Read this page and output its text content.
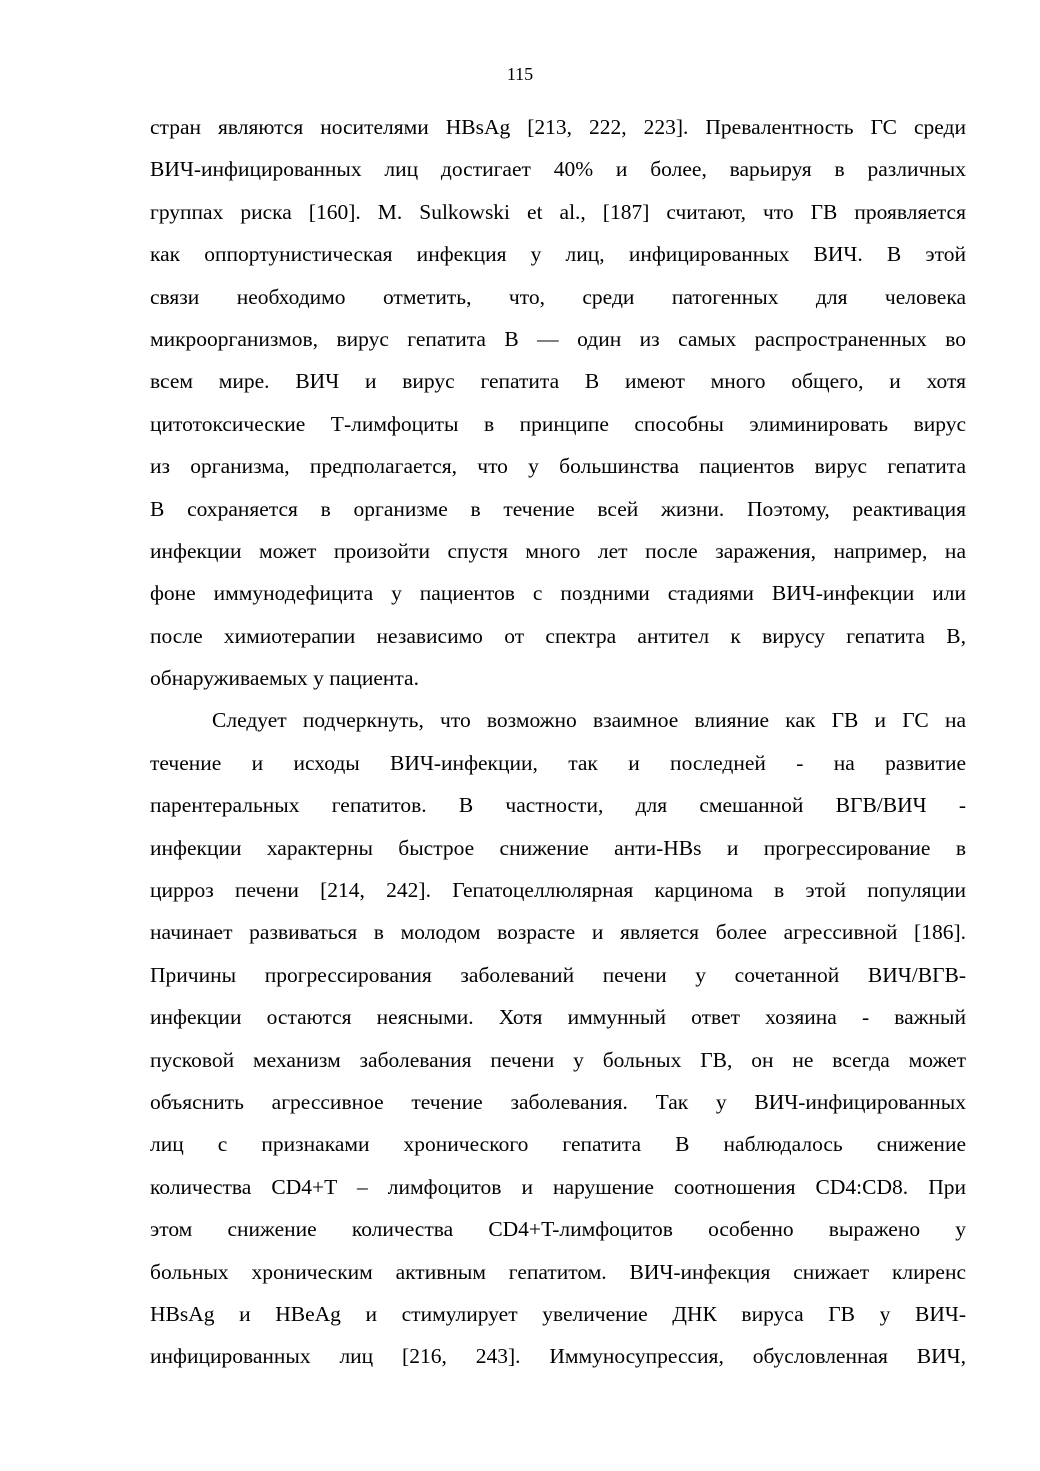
115
стран являются носителями HBsAg [213, 222, 223]. Превалентность ГС среди
ВИЧ-инфицированных лиц достигает 40% и более, варьируя в различных
группах риска [160]. M. Sulkowski et al., [187] считают, что ГВ проявляется
как оппортунистическая инфекция у лиц, инфицированных ВИЧ. В этой
связи необходимо отметить, что, среди патогенных для человека
микроорганизмов, вирус гепатита В — один из самых распространенных во
всем мире. ВИЧ и вирус гепатита В имеют много общего, и хотя
цитотоксические Т-лимфоциты в принципе способны элиминировать вирус
из организма, предполагается, что у большинства пациентов вирус гепатита
В сохраняется в организме в течение всей жизни. Поэтому, реактивация
инфекции может произойти спустя много лет после заражения, например, на
фоне иммунодефицита у пациентов с поздними стадиями ВИЧ-инфекции или
после химиотерапии независимо от спектра антител к вирусу гепатита В,
обнаруживаемых у пациента.
Следует подчеркнуть, что возможно взаимное влияние как ГВ и ГС на
течение и исходы ВИЧ-инфекции, так и последней - на развитие
парентеральных гепатитов. В частности, для смешанной ВГВ/ВИЧ -
инфекции характерны быстрое снижение анти-HBs и прогрессирование в
цирроз печени [214, 242]. Гепатоцеллюлярная карцинома в этой популяции
начинает развиваться в молодом возрасте и является более агрессивной [186].
Причины прогрессирования заболеваний печени у сочетанной ВИЧ/ВГВ-
инфекции остаются неясными. Хотя иммунный ответ хозяина - важный
пусковой механизм заболевания печени у больных ГВ, он не всегда может
объяснить агрессивное течение заболевания. Так у ВИЧ-инфицированных
лиц с признаками хронического гепатита В наблюдалось снижение
количества CD4+T – лимфоцитов и нарушение соотношения CD4:CD8. При
этом снижение количества CD4+T-лимфоцитов особенно выражено у
больных хроническим активным гепатитом. ВИЧ-инфекция снижает клиренс
HBsAg и HBeAg и стимулирует увеличение ДНК вируса ГВ у ВИЧ-
инфицированных лиц [216, 243]. Иммуносупрессия, обусловленная ВИЧ,
